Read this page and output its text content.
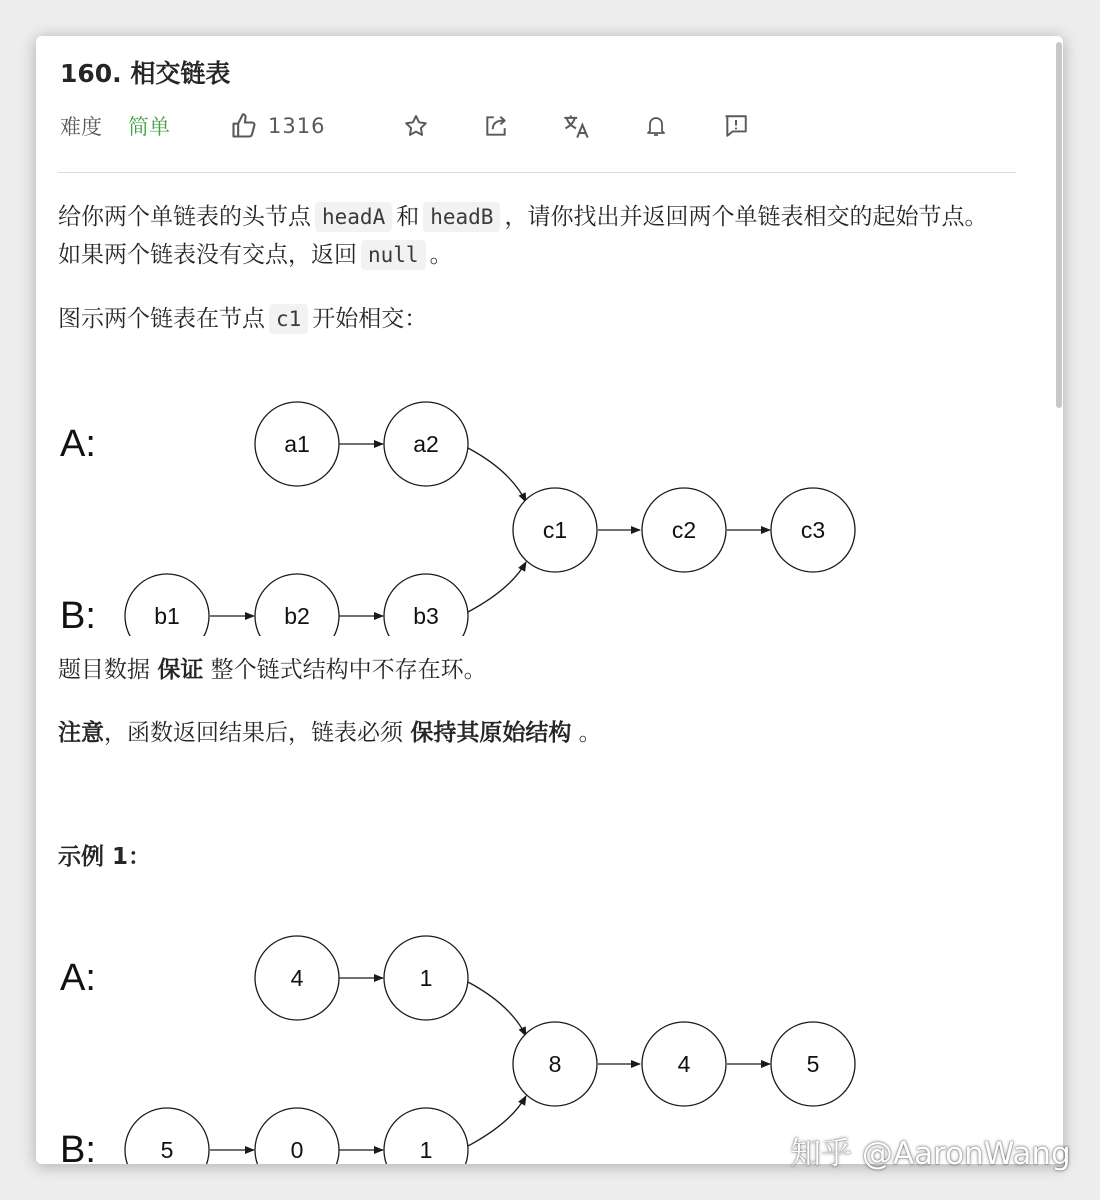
160. 相交链表
难度 简单	1316
给你两个单链表的头节点 headA 和 headB ，请你找出并返回两个单链表相交的起始节点。如果两个链表没有交点，返回 null 。
图示两个链表在节点 c1 开始相交：
A:
B:
a1	a2
b1	b2	b3
c1	c2	c3
题目数据 保证 整个链式结构中不存在环。
注意，函数返回结果后，链表必须 保持其原始结构 。
示例 1：
A:
B:
4	1
5	0	1
8	4	5
知乎 @AaronWang
